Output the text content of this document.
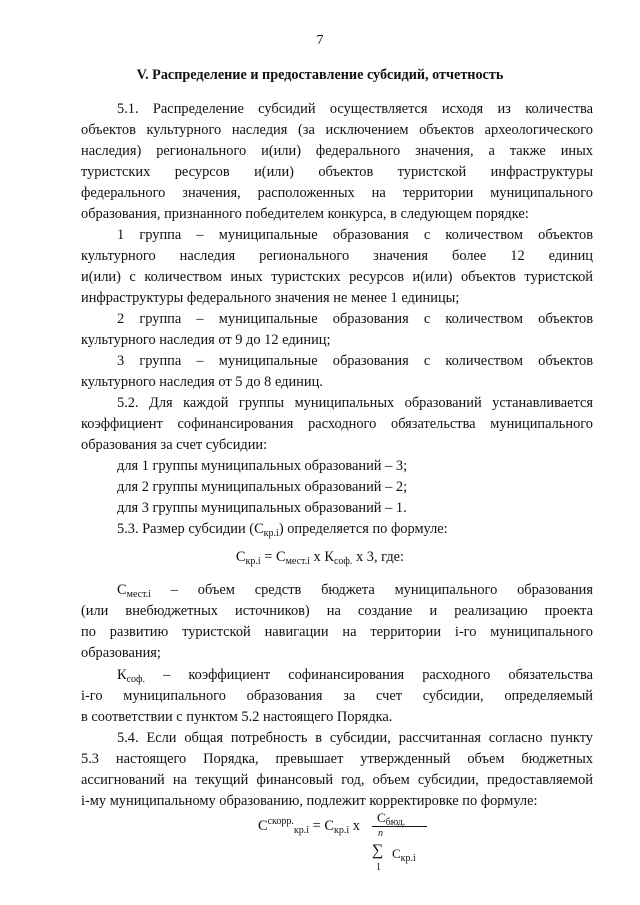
7
V. Распределение и предоставление субсидий, отчетность
5.1. Распределение субсидий осуществляется исходя из количества
объектов культурного наследия (за исключением объектов археологического
наследия) регионального и(или) федерального значения, а также иных
туристских ресурсов и(или) объектов туристской инфраструктуры
федерального значения, расположенных на территории муниципального
образования, признанного победителем конкурса, в следующем порядке:
1 группа – муниципальные образования с количеством объектов
культурного наследия регионального значения более 12 единиц
и(или) с количеством иных туристских ресурсов и(или) объектов туристской
инфраструктуры федерального значения не менее 1 единицы;
2 группа – муниципальные образования с количеством объектов
культурного наследия от 9 до 12 единиц;
3 группа – муниципальные образования с количеством объектов
культурного наследия от 5 до 8 единиц.
5.2. Для каждой группы муниципальных образований устанавливается
коэффициент софинансирования расходного обязательства муниципального
образования за счет субсидии:
для 1 группы муниципальных образований – 3;
для 2 группы муниципальных образований – 2;
для 3 группы муниципальных образований – 1.
5.3. Размер субсидии $(С_{кр.i})$ определяется по формуле:
$С_{кр.i} = С_{мест.i}$ х $К_{соф.}$ х 3, где:
$С_{мест.i}$ – объем средств бюджета муниципального образования
(или внебюджетных источников) на создание и реализацию проекта
по развитию туристской навигации на территории i-го муниципального
образования;
$К_{соф.}$ – коэффициент софинансирования расходного обязательства
i-го муниципального образования за счет субсидии, определяемый
в соответствии с пунктом 5.2 настоящего Порядка.
5.4. Если общая потребность в субсидии, рассчитанная согласно пункту
5.3 настоящего Порядка, превышает утвержденный объем бюджетных
ассигнований на текущий финансовый год, объем субсидии, предоставляемой
i-му муниципальному образованию, подлежит корректировке по формуле:
$С^{скорр.}_{кр.i} = С_{кр.i}$ х
$С_{бюд.}$
n
∑ $С_{кр.i}$
1
